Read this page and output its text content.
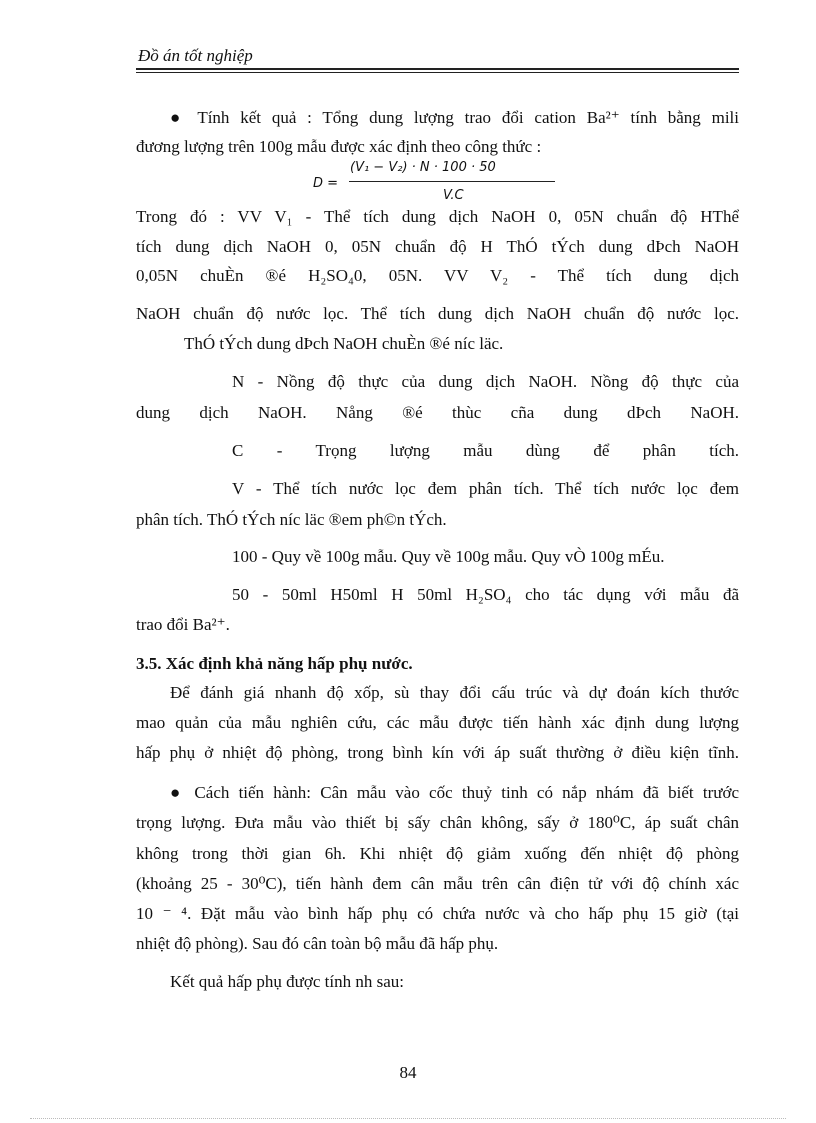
Đồ án tốt nghiệp
● Tính kết quả : Tổng dung lượng trao đổi cation Ba²⁺ tính bằng mili
đương lượng trên 100g mẫu được xác định theo công thức :
D =
(V₁ − V₂) · N · 100 · 50
V.C
Trong đó : VV V₁ - Thể tích dung dịch NaOH 0, 05N chuẩn độ HThể
tích dung dịch NaOH 0, 05N chuẩn độ H ThÓ tÝch dung dÞch NaOH
0,05N chuÈn ®é H₂SO₄0, 05N. VV V₂ - Thể tích dung dịch
NaOH chuẩn độ nước lọc. Thể tích dung dịch NaOH chuẩn độ nước lọc.
ThÓ tÝch dung dÞch NaOH chuÈn ®é níc läc.
N - Nồng độ thực của dung dịch NaOH. Nồng độ thực của
dung dịch NaOH. Nång ®é thùc cña dung dÞch NaOH.
C - Trọng lượng mẫu dùng để phân tích.
V - Thể tích nước lọc đem phân tích. Thể tích nước lọc đem
phân tích. ThÓ tÝch níc läc ®em ph©n tÝch.
100 - Quy về 100g mẫu. Quy về 100g mẫu. Quy vÒ 100g mÉu.
50 - 50ml H50ml H 50ml H₂SO₄ cho tác dụng với mẫu đã
trao đổi Ba²⁺.
3.5. Xác định khả năng hấp phụ nước.
Để đánh giá nhanh độ xốp, sù thay đổi cấu trúc và dự đoán kích thước
mao quản của mẫu nghiên cứu, các mẫu được tiến hành xác định dung lượng
hấp phụ ở nhiệt độ phòng, trong bình kín với áp suất thường ở điều kiện tĩnh.
● Cách tiến hành: Cân mẫu vào cốc thuỷ tinh có nắp nhám đã biết trước
trọng lượng. Đưa mẫu vào thiết bị sấy chân không, sấy ở 180⁰C, áp suất chân
không trong thời gian 6h. Khi nhiệt độ giảm xuống đến nhiệt độ phòng
(khoảng 25 - 30⁰C), tiến hành đem cân mẫu trên cân điện tử với độ chính xác
10 ⁻ ⁴. Đặt mẫu vào bình hấp phụ có chứa nước và cho hấp phụ 15 giờ (tại
nhiệt độ phòng). Sau đó cân toàn bộ mẫu đã hấp phụ.
Kết quả hấp phụ được tính nh sau:
84
